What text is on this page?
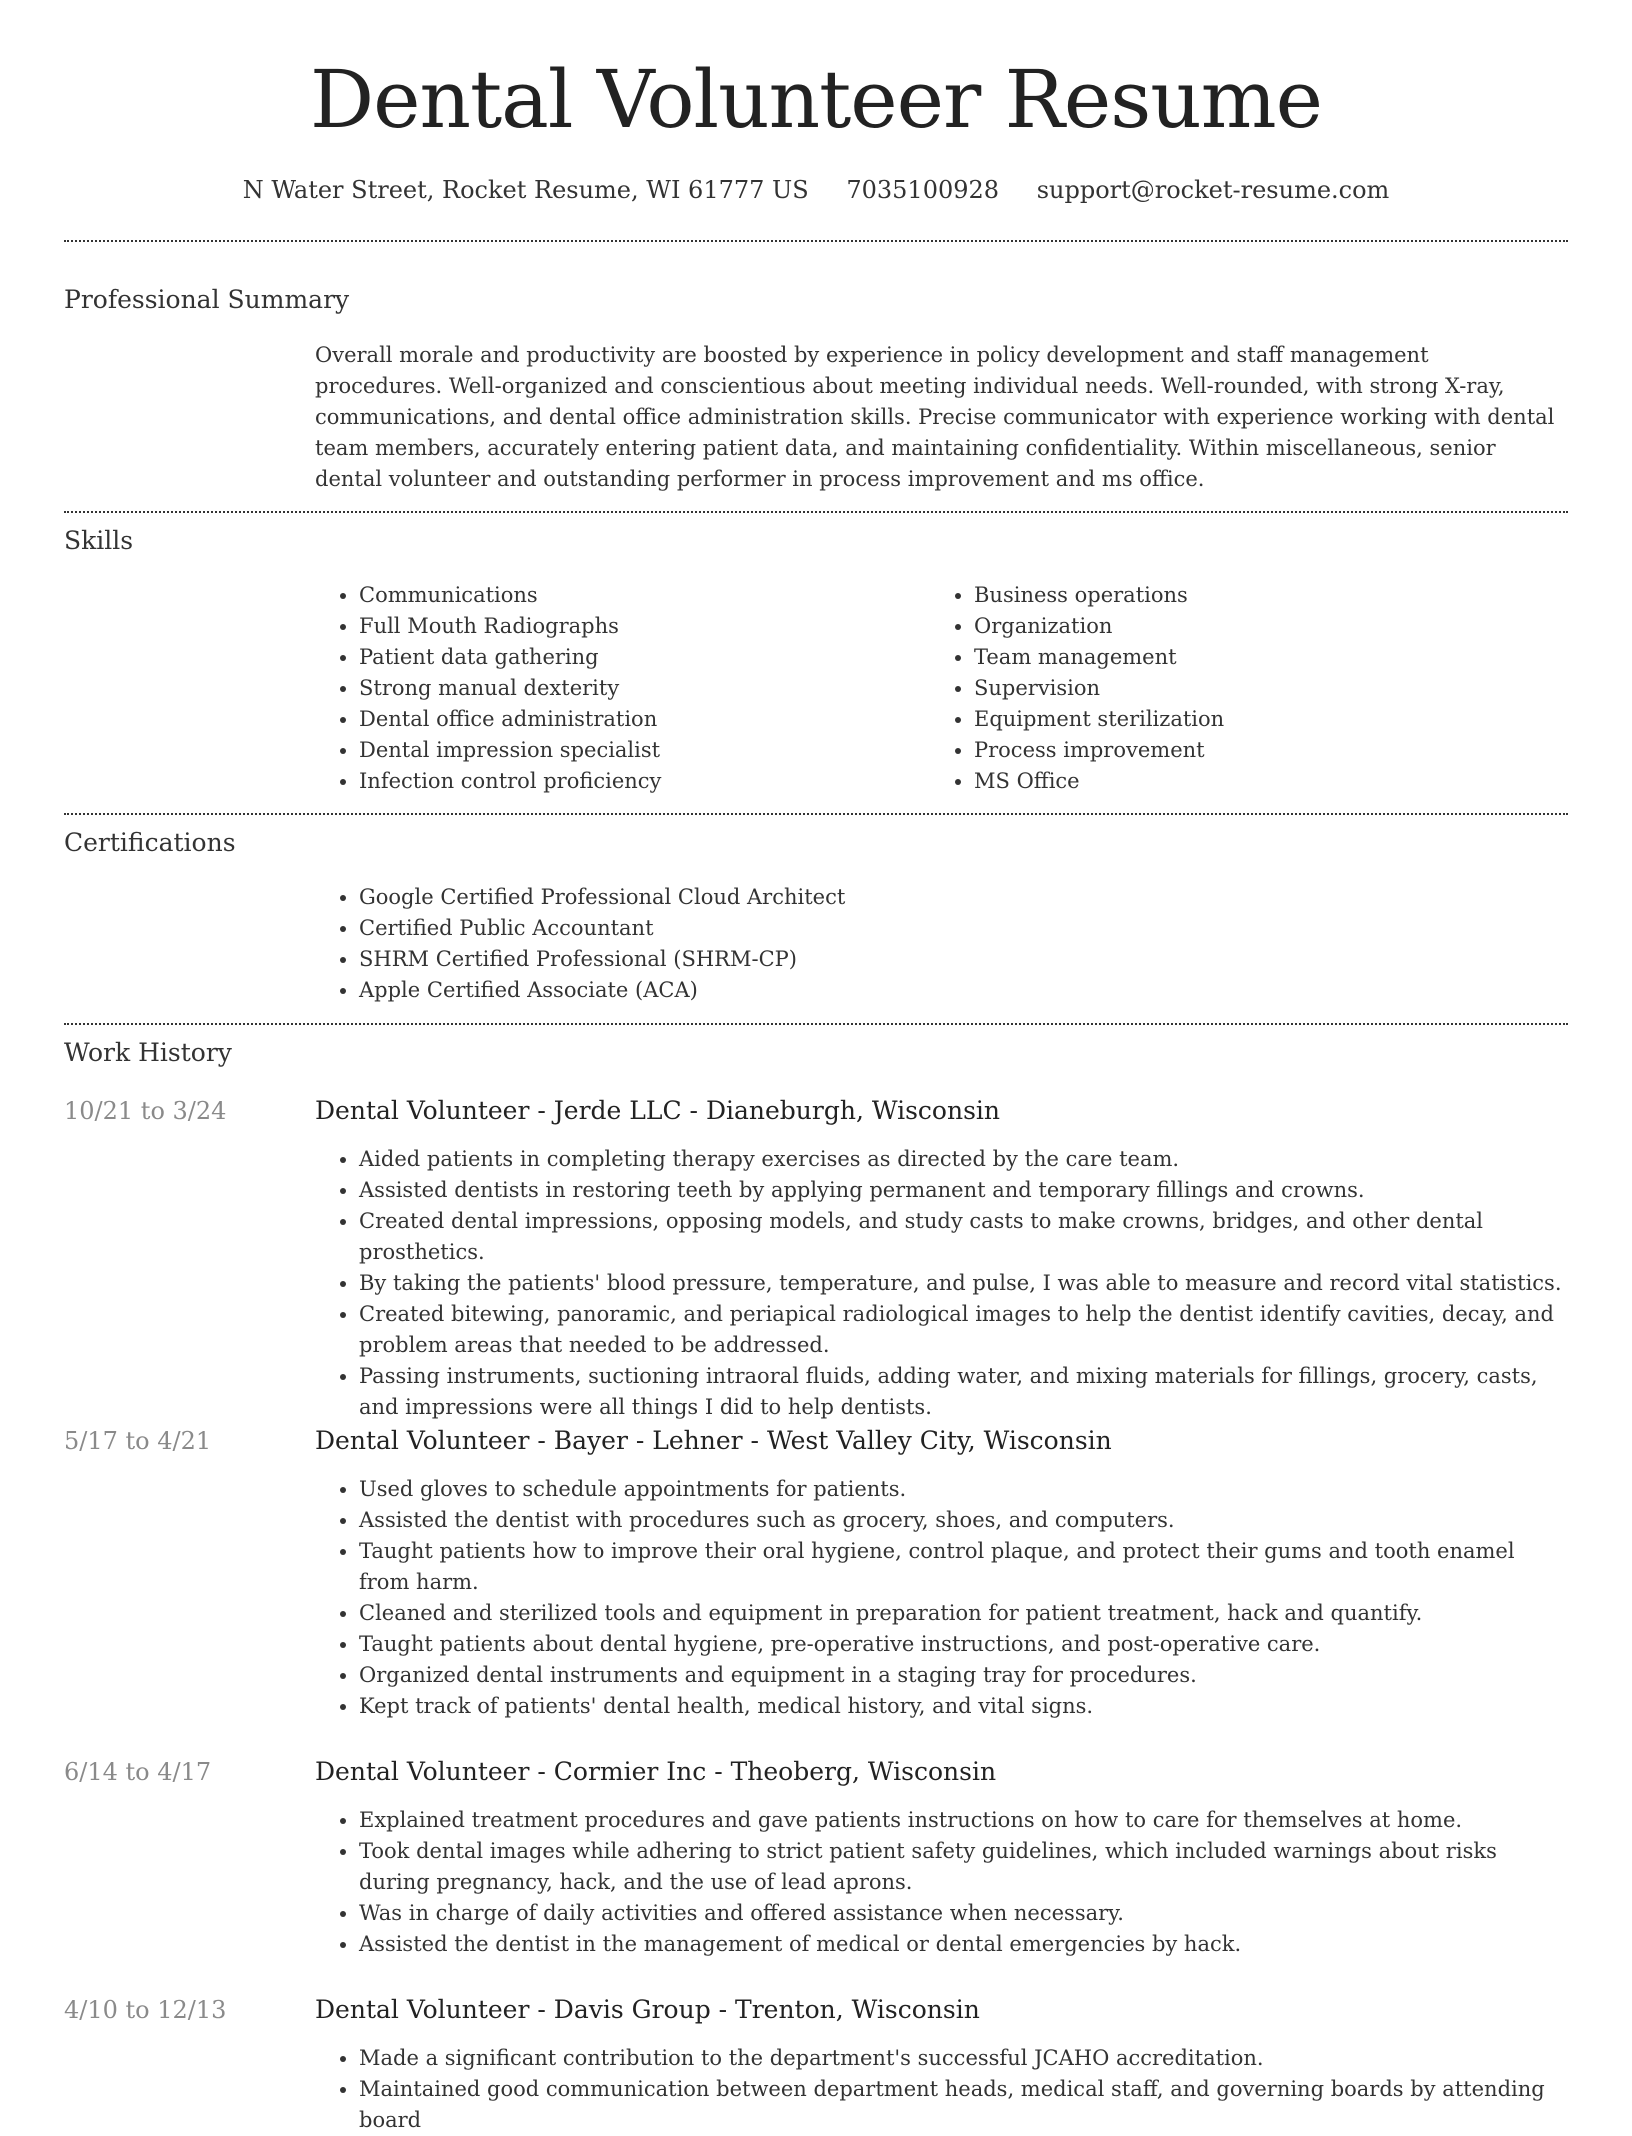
Dental Volunteer Resume
N Water Street, Rocket Resume, WI 61777 US 7035100928 support@rocket-resume.com
Professional Summary
Overall morale and productivity are boosted by experience in policy development and staff management procedures. Well-organized and conscientious about meeting individual needs. Well-rounded, with strong X-ray, communications, and dental office administration skills. Precise communicator with experience working with dental team members, accurately entering patient data, and maintaining confidentiality. Within miscellaneous, senior dental volunteer and outstanding performer in process improvement and ms office.
Skills
• Communications
• Full Mouth Radiographs
• Patient data gathering
• Strong manual dexterity
• Dental office administration
• Dental impression specialist
• Infection control proficiency
• Business operations
• Organization
• Team management
• Supervision
• Equipment sterilization
• Process improvement
• MS Office
Certifications
• Google Certified Professional Cloud Architect
• Certified Public Accountant
• SHRM Certified Professional (SHRM-CP)
• Apple Certified Associate (ACA)
Work History
10/21 to 3/24	Dental Volunteer - Jerde LLC - Dianeburgh, Wisconsin
• Aided patients in completing therapy exercises as directed by the care team.
• Assisted dentists in restoring teeth by applying permanent and temporary fillings and crowns.
• Created dental impressions, opposing models, and study casts to make crowns, bridges, and other dental prosthetics.
• By taking the patients' blood pressure, temperature, and pulse, I was able to measure and record vital statistics.
• Created bitewing, panoramic, and periapical radiological images to help the dentist identify cavities, decay, and problem areas that needed to be addressed.
• Passing instruments, suctioning intraoral fluids, adding water, and mixing materials for fillings, grocery, casts, and impressions were all things I did to help dentists.
5/17 to 4/21	Dental Volunteer - Bayer - Lehner - West Valley City, Wisconsin
• Used gloves to schedule appointments for patients.
• Assisted the dentist with procedures such as grocery, shoes, and computers.
• Taught patients how to improve their oral hygiene, control plaque, and protect their gums and tooth enamel from harm.
• Cleaned and sterilized tools and equipment in preparation for patient treatment, hack and quantify.
• Taught patients about dental hygiene, pre-operative instructions, and post-operative care.
• Organized dental instruments and equipment in a staging tray for procedures.
• Kept track of patients' dental health, medical history, and vital signs.
6/14 to 4/17	Dental Volunteer - Cormier Inc - Theoberg, Wisconsin
• Explained treatment procedures and gave patients instructions on how to care for themselves at home.
• Took dental images while adhering to strict patient safety guidelines, which included warnings about risks during pregnancy, hack, and the use of lead aprons.
• Was in charge of daily activities and offered assistance when necessary.
• Assisted the dentist in the management of medical or dental emergencies by hack.
4/10 to 12/13	Dental Volunteer - Davis Group - Trenton, Wisconsin
• Made a significant contribution to the department's successful JCAHO accreditation.
• Maintained good communication between department heads, medical staff, and governing boards by attending board
